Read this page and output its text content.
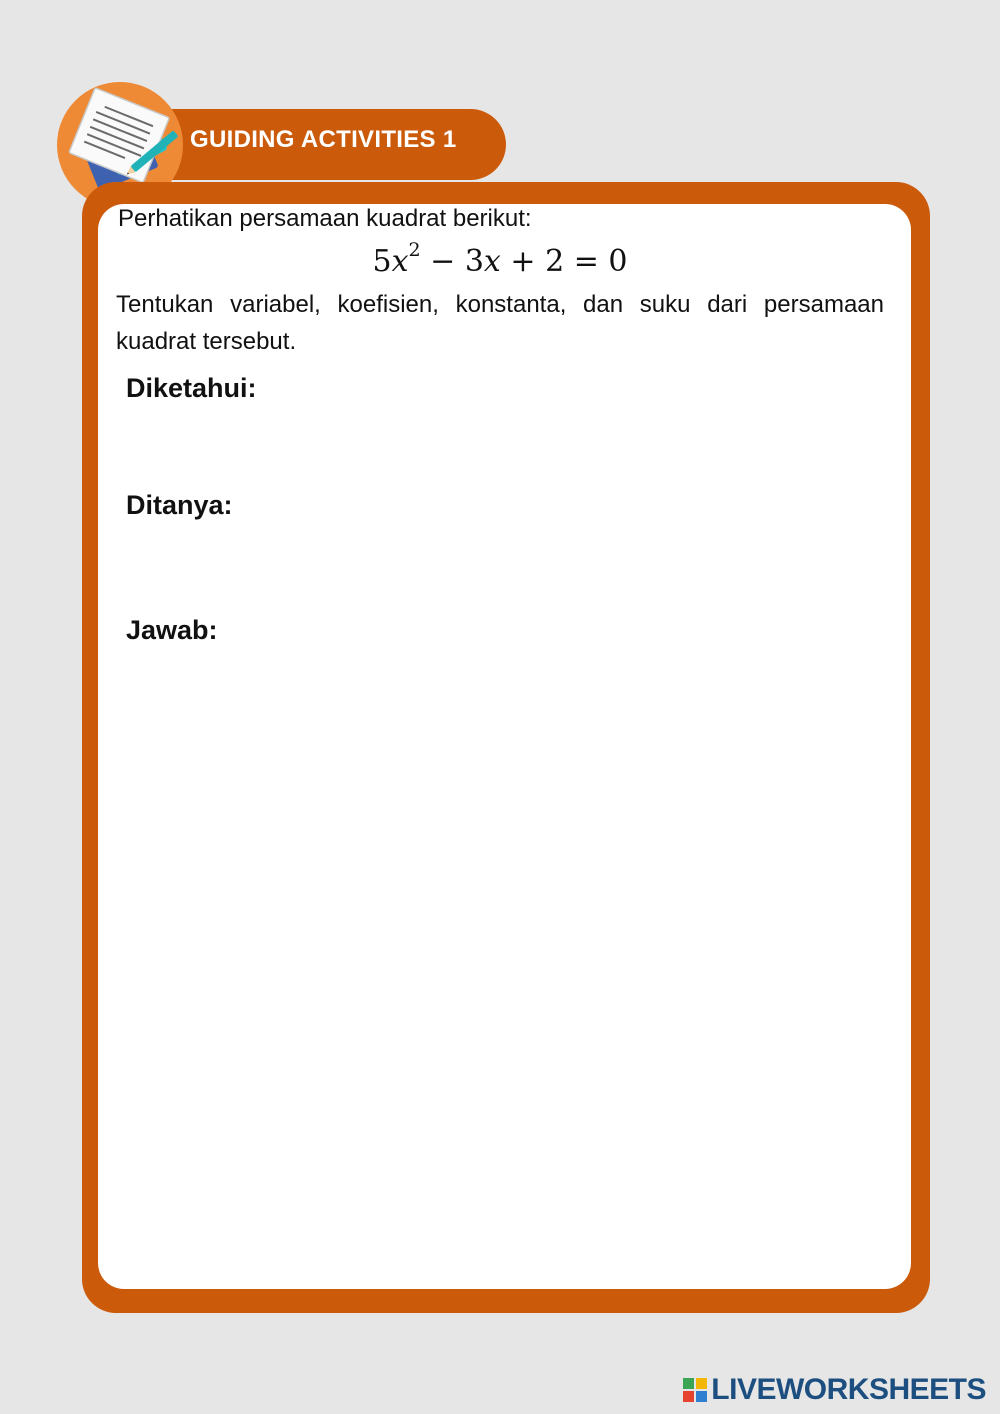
GUIDING ACTIVITIES 1
Perhatikan persamaan kuadrat berikut:
$5x^2 - 3x + 2 = 0$
Tentukan variabel, koefisien, konstanta, dan suku dari persamaan kuadrat tersebut.
Diketahui:
Ditanya:
Jawab:
LIVEWORKSHEETS
